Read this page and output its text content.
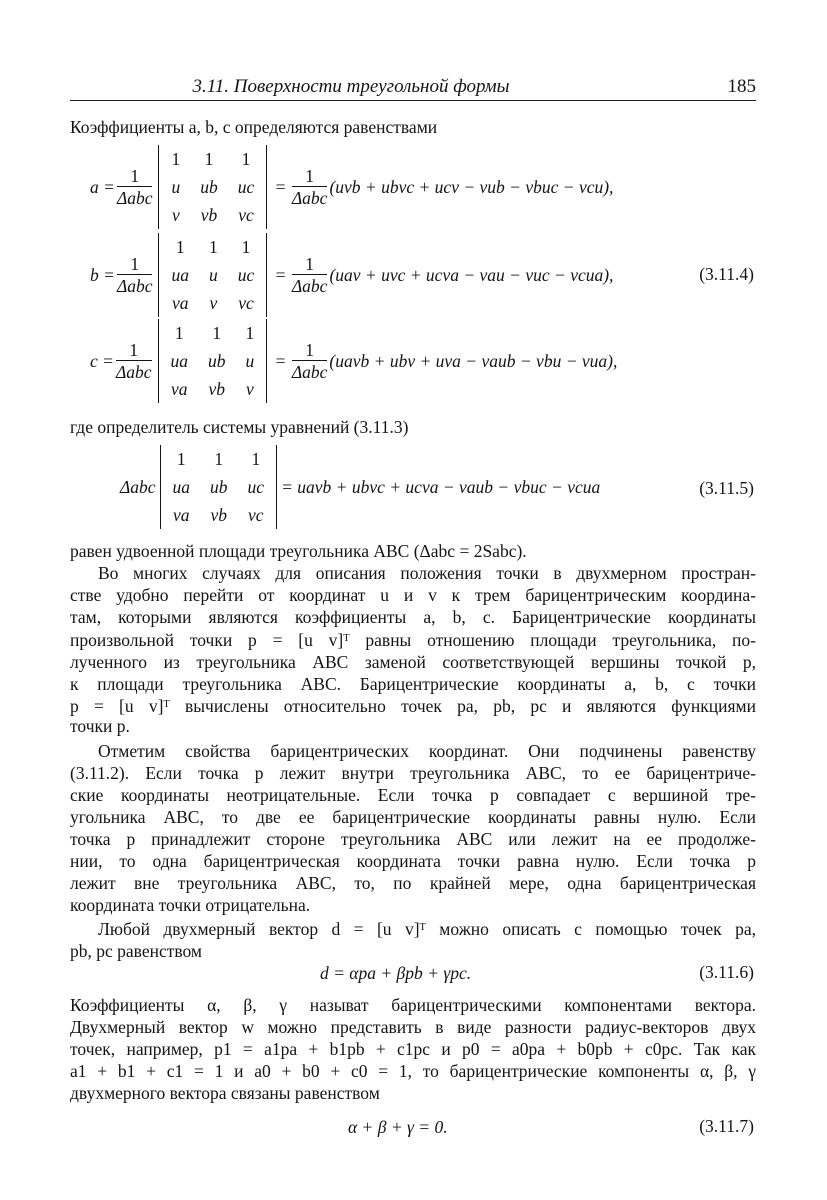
3.11. Поверхности треугольной формы	185
Коэффициенты a, b, c определяются равенствами
$a = \frac{1}{\text{Δabc}}$
1	1	1
u	ub	uc
v	vb	vc
= $\frac{1}{\text{Δabc}} (uvb$ + ubvc + ucv − vub − vbuc − vcu),
$b = \frac{1}{\text{Δabc}}$
1	1	1
ua	u	uc
va	v	vc
= $\frac{1}{\text{Δabc}} (uav$ + uvc + ucva − vau − vuc − vcua),	(3.11.4)
$c = \frac{1}{\text{Δabc}}$
1	1	1
ua	ub	u
va	vb	v
= $\frac{1}{\text{Δabc}}$ (uavb + ubv + uva − vaub − vbu − vua),
где определитель системы уравнений (3.11.3)
Δabc
1	1	1
ua	ub	uc
va	vb	vc
= uavb + ubvc + ucva − vaub − vbuc − vcua	(3.11.5)
равен удвоенной площади треугольника ABC (Δabc = 2Sabc).
Во многих случаях для описания положения точки в двухмерном простран-
стве удобно перейти от координат u и v к трем барицентрическим координа-
там, которыми являются коэффициенты a, b, c. Барицентрические координаты
произвольной точки p = [u v]ᵀ равны отношению площади треугольника, по-
лученного из треугольника ABC заменой соответствующей вершины точкой p,
к площади треугольника ABC. Барицентрические координаты a, b, c точки
p = [u v]ᵀ вычислены относительно точек pa, pb, pc и являются функциями
точки p.
Отметим свойства барицентрических координат. Они подчинены равенству
(3.11.2). Если точка p лежит внутри треугольника ABC, то ее барицентриче-
ские координаты неотрицательные. Если точка p совпадает с вершиной тре-
угольника ABC, то две ее барицентрические координаты равны нулю. Если
точка p принадлежит стороне треугольника ABC или лежит на ее продолже-
нии, то одна барицентрическая координата точки равна нулю. Если точка p
лежит вне треугольника ABC, то, по крайней мере, одна барицентрическая
координата точки отрицательна.
Любой двухмерный вектор d = [u v]ᵀ можно описать с помощью точек pa,
pb, pc равенством
d = αpa + βpb + γpc.	(3.11.6)
Коэффициенты α, β, γ называт барицентрическими компонентами вектора.
Двухмерный вектор w можно представить в виде разности радиус-векторов двух
точек, например, p1 = a1pa + b1pb + c1pc и p0 = a0pa + b0pb + c0pc. Так как
a1 + b1 + c1 = 1 и a0 + b0 + c0 = 1, то барицентрические компоненты α, β, γ
двухмерного вектора связаны равенством
α + β + γ = 0.	(3.11.7)
